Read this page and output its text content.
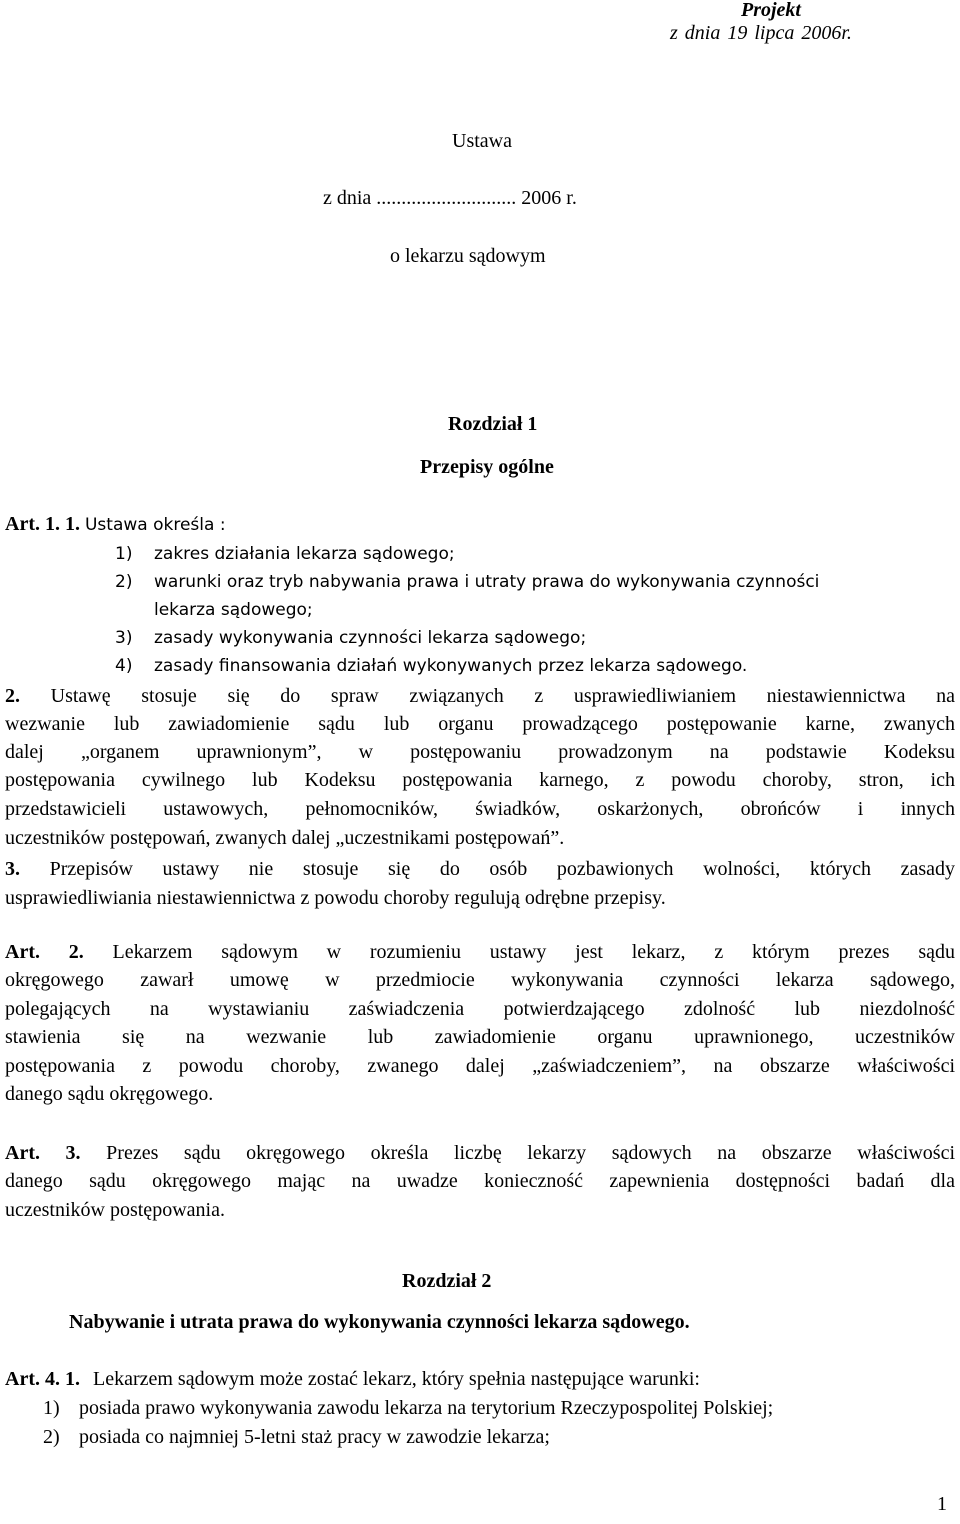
Projekt
z dnia 19 lipca 2006r.
Ustawa
z dnia ............................ 2006 r.
o lekarzu sądowym
Rozdział 1
Przepisy ogólne
Art. 1. 1. Ustawa określa :
1) zakres działania lekarza sądowego;
2) warunki oraz tryb nabywania prawa i utraty prawa do wykonywania czynności
lekarza sądowego;
3) zasady wykonywania czynności lekarza sądowego;
4) zasady finansowania działań wykonywanych przez lekarza sądowego.
2. Ustawę stosuje się do spraw związanych z usprawiedliwianiem niestawiennictwa na
wezwanie lub zawiadomienie sądu lub organu prowadzącego postępowanie karne, zwanych
dalej „organem uprawnionym”, w postępowaniu prowadzonym na podstawie Kodeksu
postępowania cywilnego lub Kodeksu postępowania karnego, z powodu choroby, stron, ich
przedstawicieli ustawowych, pełnomocników, świadków, oskarżonych, obrońców i innych
uczestników postępowań, zwanych dalej „uczestnikami postępowań”.
3. Przepisów ustawy nie stosuje się do osób pozbawionych wolności, których zasady
usprawiedliwiania niestawiennictwa z powodu choroby regulują odrębne przepisy.
Art. 2. Lekarzem sądowym w rozumieniu ustawy jest lekarz, z którym prezes sądu
okręgowego zawarł umowę w przedmiocie wykonywania czynności lekarza sądowego,
polegających na wystawianiu zaświadczenia potwierdzającego zdolność lub niezdolność
stawienia się na wezwanie lub zawiadomienie organu uprawnionego, uczestników
postępowania z powodu choroby, zwanego dalej „zaświadczeniem”, na obszarze właściwości
danego sądu okręgowego.
Art. 3. Prezes sądu okręgowego określa liczbę lekarzy sądowych na obszarze właściwości
danego sądu okręgowego mając na uwadze konieczność zapewnienia dostępności badań dla
uczestników postępowania.
Rozdział 2
Nabywanie i utrata prawa do wykonywania czynności lekarza sądowego.
Art. 4. 1. Lekarzem sądowym może zostać lekarz, który spełnia następujące warunki:
1) posiada prawo wykonywania zawodu lekarza na terytorium Rzeczypospolitej Polskiej;
2) posiada co najmniej 5-letni staż pracy w zawodzie lekarza;
1
